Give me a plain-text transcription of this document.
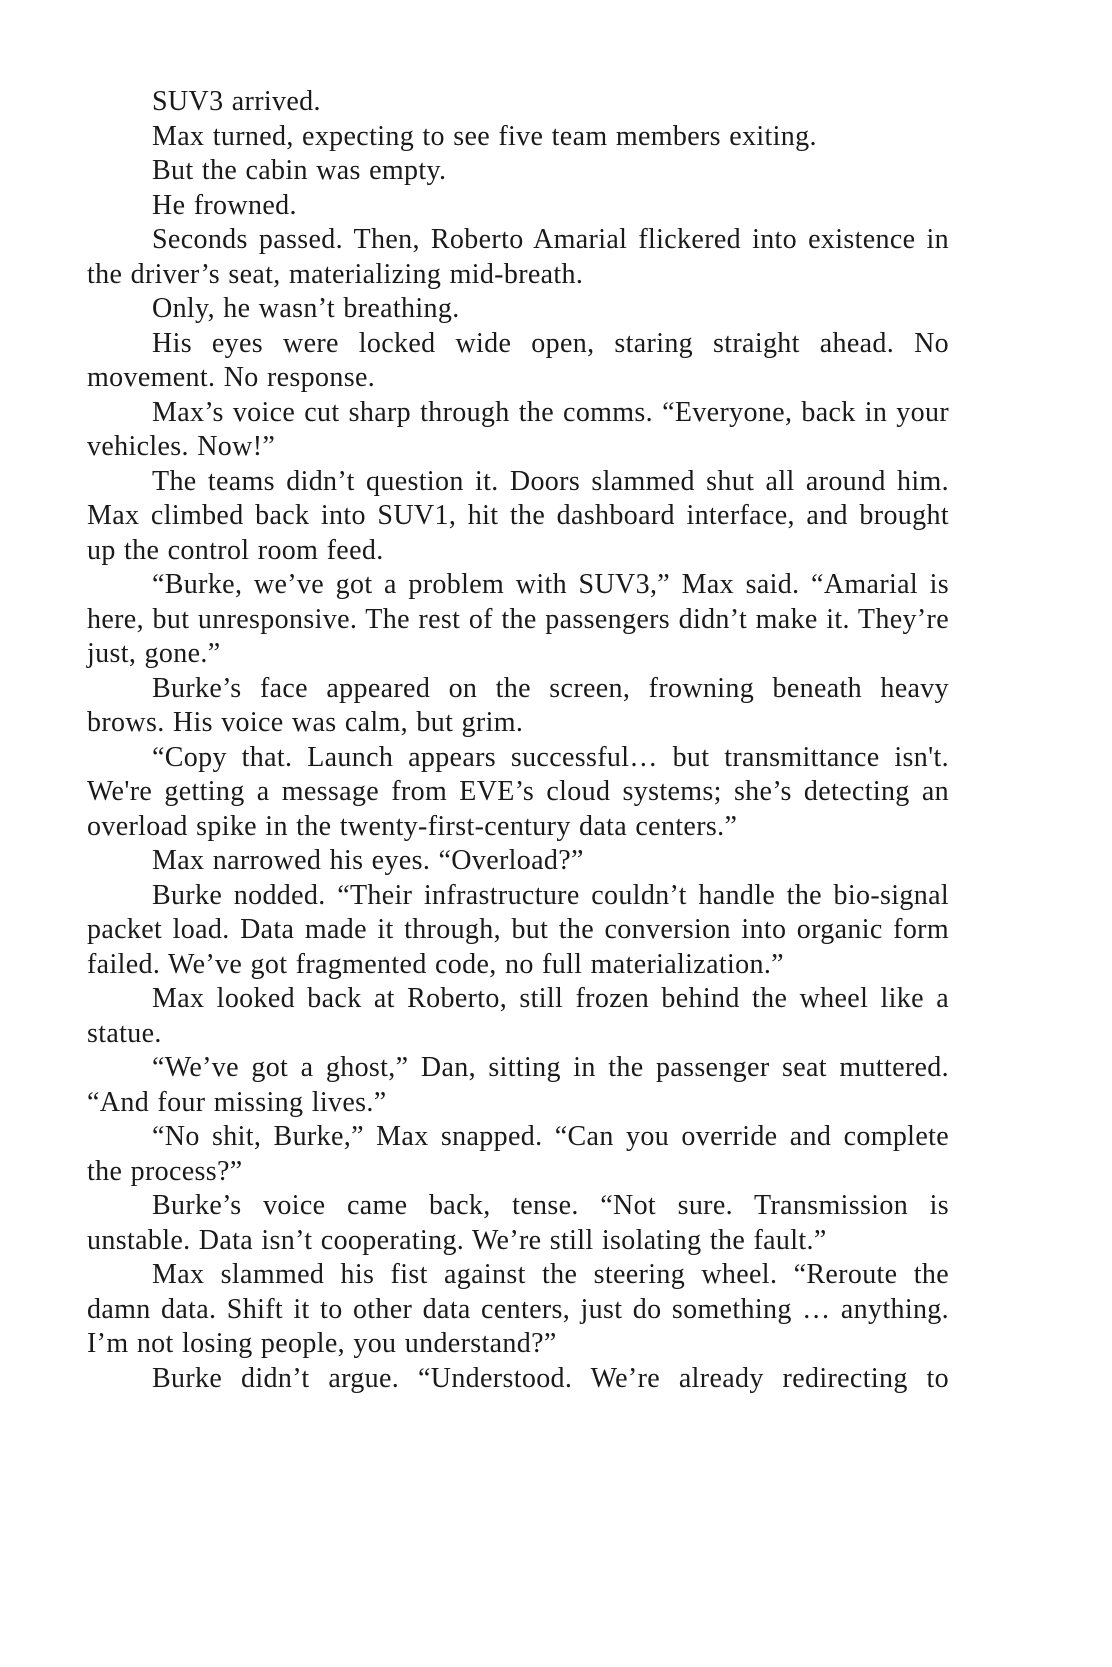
SUV3 arrived.

Max turned, expecting to see five team members exiting.

But the cabin was empty.

He frowned.

Seconds passed. Then, Roberto Amarial flickered into existence in the driver’s seat, materializing mid-breath.

Only, he wasn’t breathing.

His eyes were locked wide open, staring straight ahead. No movement. No response.

Max’s voice cut sharp through the comms. “Everyone, back in your vehicles. Now!”

The teams didn’t question it. Doors slammed shut all around him. Max climbed back into SUV1, hit the dashboard interface, and brought up the control room feed.

“Burke, we’ve got a problem with SUV3,” Max said. “Amarial is here, but unresponsive. The rest of the passengers didn’t make it. They’re just, gone.”

Burke’s face appeared on the screen, frowning beneath heavy brows. His voice was calm, but grim.

“Copy that. Launch appears successful… but transmittance isn't. We're getting a message from EVE’s cloud systems; she’s detecting an overload spike in the twenty-first-century data centers.”

Max narrowed his eyes. “Overload?”

Burke nodded. “Their infrastructure couldn’t handle the bio-signal packet load. Data made it through, but the conversion into organic form failed. We’ve got fragmented code, no full materialization.”

Max looked back at Roberto, still frozen behind the wheel like a statue.

“We’ve got a ghost,” Dan, sitting in the passenger seat muttered. “And four missing lives.”

“No shit, Burke,” Max snapped. “Can you override and complete the process?”

Burke’s voice came back, tense. “Not sure. Transmission is unstable. Data isn’t cooperating. We’re still isolating the fault.”

Max slammed his fist against the steering wheel. “Reroute the damn data. Shift it to other data centers, just do something … anything. I’m not losing people, you understand?”

Burke didn’t argue. “Understood. We’re already redirecting to
